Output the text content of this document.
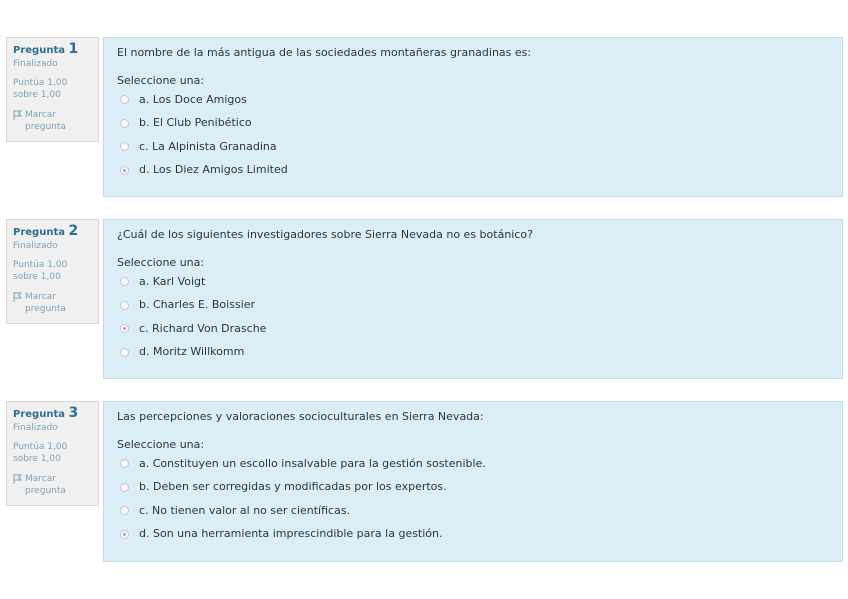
Pregunta 1
Finalizado
Puntúa 1,00
sobre 1,00
Marcar
pregunta
El nombre de la más antigua de las sociedades montañeras granadinas es:
Seleccione una:
a. Los Doce Amigos
b. El Club Penibético
c. La Alpinista Granadina
d. Los Diez Amigos Limited
Pregunta 2
Finalizado
Puntúa 1,00
sobre 1,00
Marcar
pregunta
¿Cuál de los siguientes investigadores sobre Sierra Nevada no es botánico?
Seleccione una:
a. Karl Voigt
b. Charles E. Boissier
c. Richard Von Drasche
d. Moritz Willkomm
Pregunta 3
Finalizado
Puntúa 1,00
sobre 1,00
Marcar
pregunta
Las percepciones y valoraciones socioculturales en Sierra Nevada:
Seleccione una:
a. Constituyen un escollo insalvable para la gestión sostenible.
b. Deben ser corregidas y modificadas por los expertos.
c. No tienen valor al no ser científicas.
d. Son una herramienta imprescindible para la gestión.
